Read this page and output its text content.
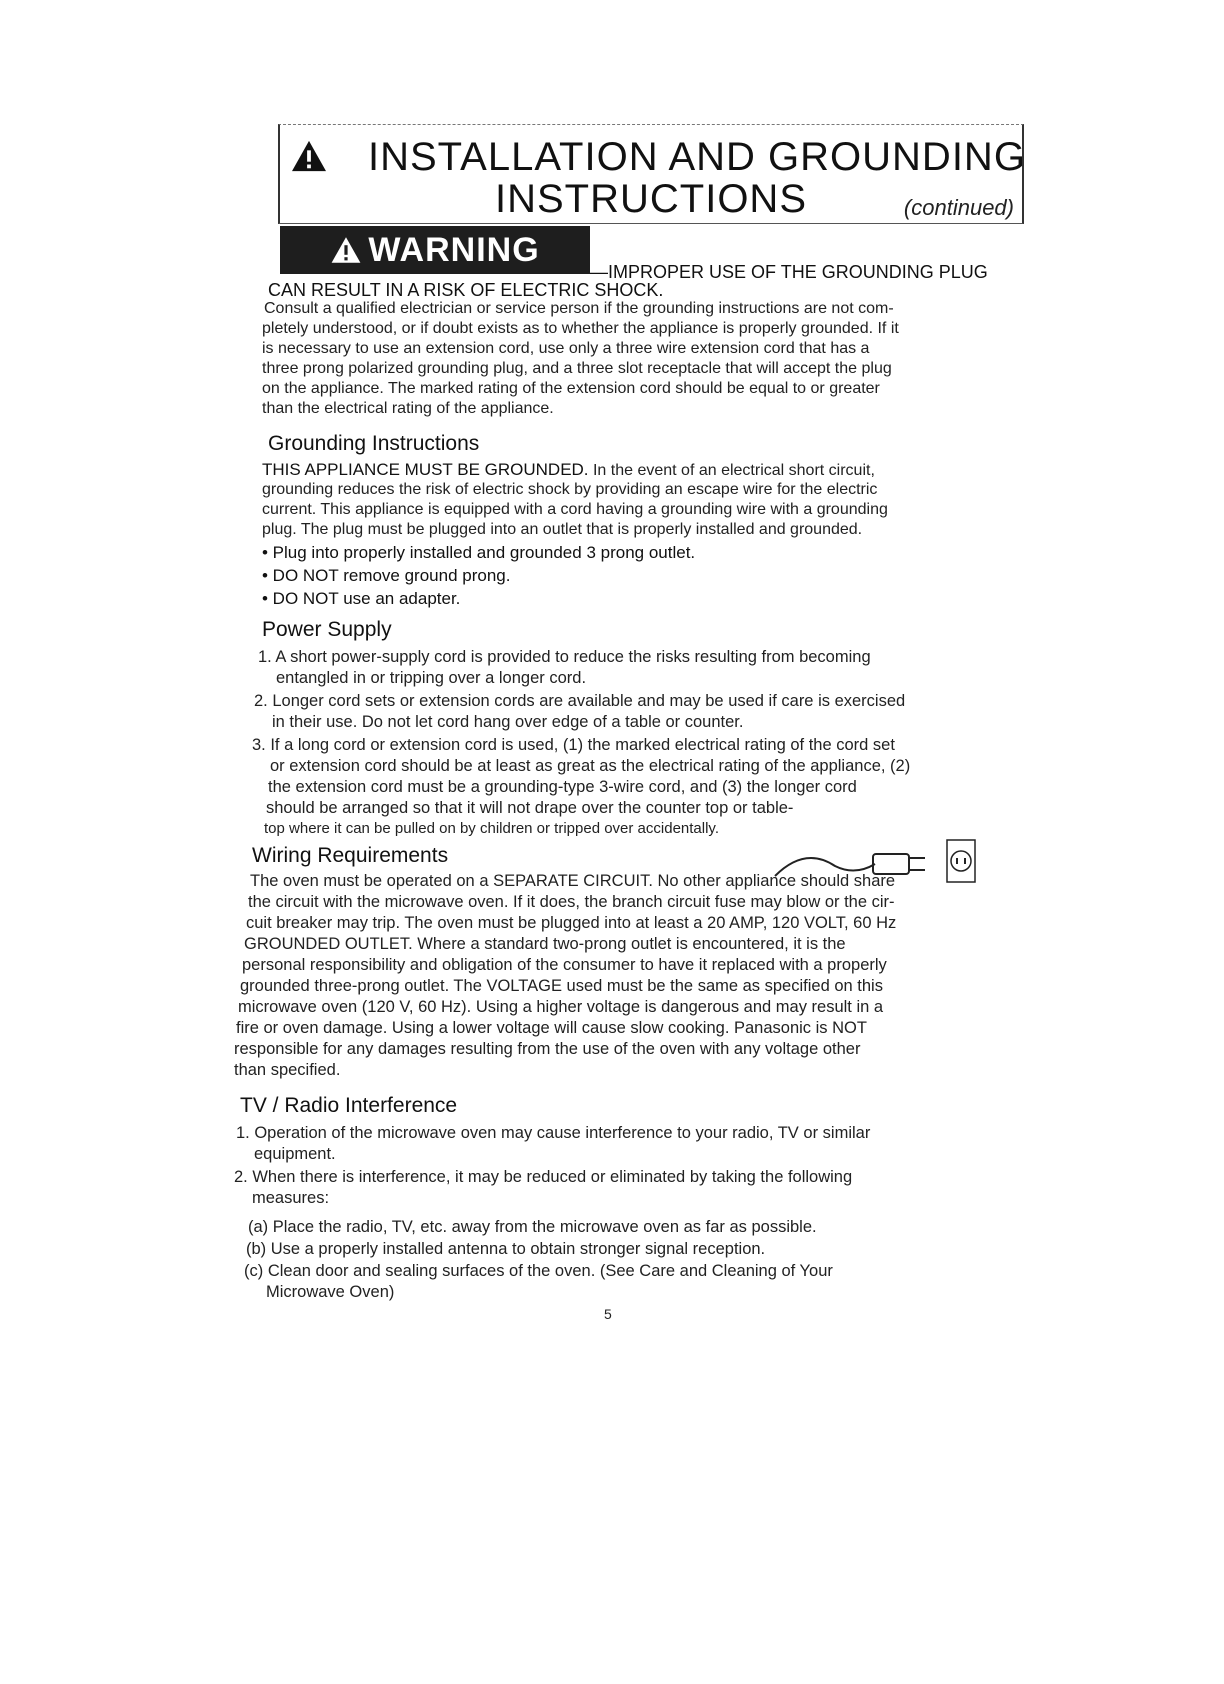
INSTALLATION AND GROUNDING
INSTRUCTIONS	(continued)
WARNING
—IMPROPER USE OF THE GROUNDING PLUG
CAN RESULT IN A RISK OF ELECTRIC SHOCK.
Consult a qualified electrician or service person if the grounding instructions are not com-
pletely understood, or if doubt exists as to whether the appliance is properly grounded. If it
is necessary to use an extension cord, use only a three wire extension cord that has a
three prong polarized grounding plug, and a three slot receptacle that will accept the plug
on the appliance. The marked rating of the extension cord should be equal to or greater
than the electrical rating of the appliance.
Grounding Instructions
THIS APPLIANCE MUST BE GROUNDED. In the event of an electrical short circuit,
grounding reduces the risk of electric shock by providing an escape wire for the electric
current. This appliance is equipped with a cord having a grounding wire with a grounding
plug. The plug must be plugged into an outlet that is properly installed and grounded.
• Plug into properly installed and grounded 3 prong outlet.
• DO NOT remove ground prong.
• DO NOT use an adapter.
Power Supply
1. A short power-supply cord is provided to reduce the risks resulting from becoming
entangled in or tripping over a longer cord.
2. Longer cord sets or extension cords are available and may be used if care is exercised
in their use. Do not let cord hang over edge of a table or counter.
3. If a long cord or extension cord is used, (1) the marked electrical rating of the cord set
or extension cord should be at least as great as the electrical rating of the appliance, (2)
the extension cord must be a grounding-type 3-wire cord, and (3) the longer cord
should be arranged so that it will not drape over the counter top or table-
top where it can be pulled on by children or tripped over accidentally.
Wiring Requirements
The oven must be operated on a SEPARATE CIRCUIT. No other appliance should share
the circuit with the microwave oven. If it does, the branch circuit fuse may blow or the cir-
cuit breaker may trip. The oven must be plugged into at least a 20 AMP, 120 VOLT, 60 Hz
GROUNDED OUTLET. Where a standard two-prong outlet is encountered, it is the
personal responsibility and obligation of the consumer to have it replaced with a properly
grounded three-prong outlet. The VOLTAGE used must be the same as specified on this
microwave oven (120 V, 60 Hz). Using a higher voltage is dangerous and may result in a
fire or oven damage. Using a lower voltage will cause slow cooking. Panasonic is NOT
responsible for any damages resulting from the use of the oven with any voltage other
than specified.
TV / Radio Interference
1. Operation of the microwave oven may cause interference to your radio, TV or similar
equipment.
2. When there is interference, it may be reduced or eliminated by taking the following
measures:
(a) Place the radio, TV, etc. away from the microwave oven as far as possible.
(b) Use a properly installed antenna to obtain stronger signal reception.
(c) Clean door and sealing surfaces of the oven. (See Care and Cleaning of Your
Microwave Oven)
5
